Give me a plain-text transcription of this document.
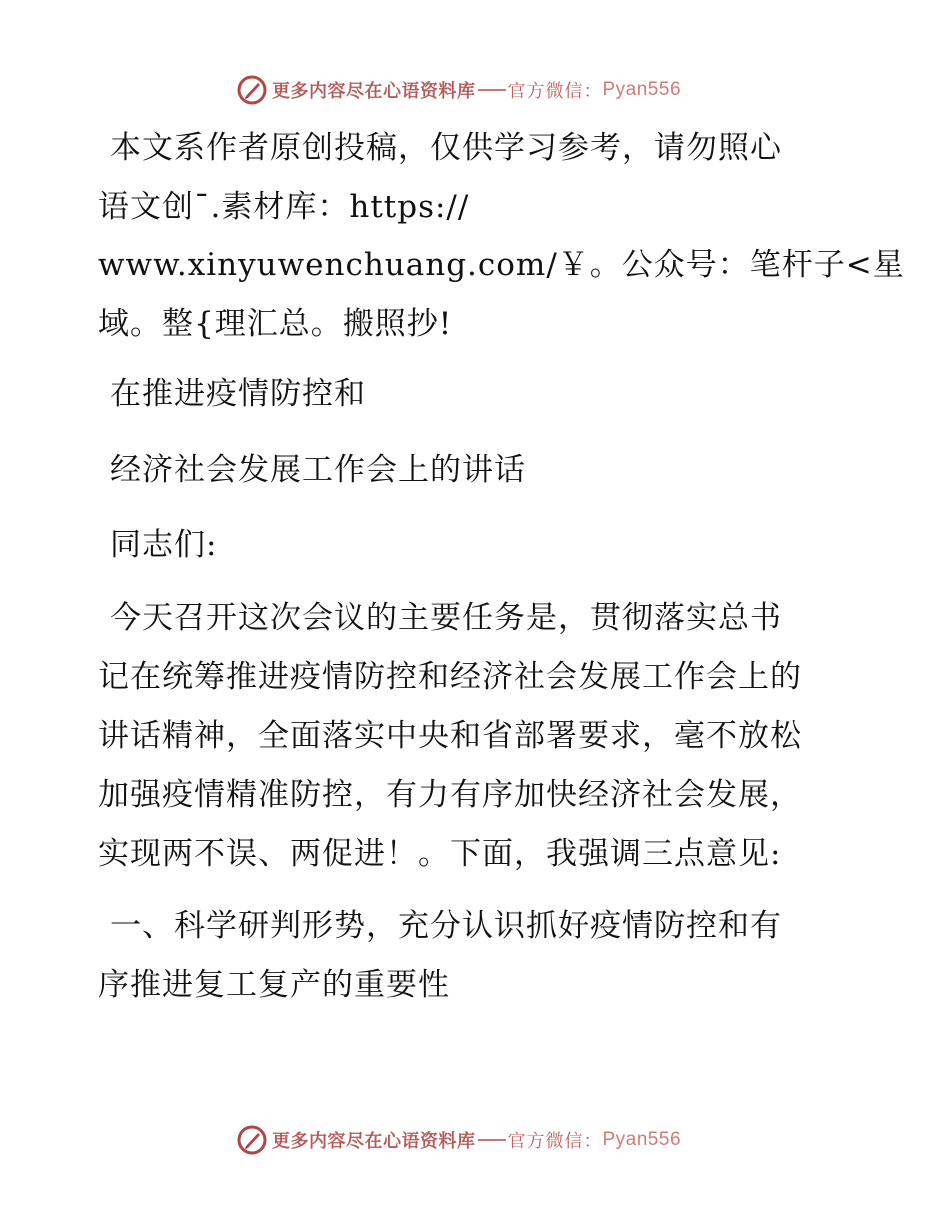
更多内容尽在心语资料库 官方微信： Pyan556
本文系作者原创投稿，仅供学习参考，请勿照心
语文创¯.素材库：https://
www.xinyuwenchuang.com/￥。公众号：笔杆子<星
域。整{理汇总。搬照抄!
在推进疫情防控和
经济社会发展工作会上的讲话
同志们:
今天召开这次会议的主要任务是，贯彻落实总书
记在统筹推进疫情防控和经济社会发展工作会上的
讲话精神，全面落实中央和省部署要求，毫不放松
加强疫情精准防控，有力有序加快经济社会发展，
实现两不误、两促进！。下面，我强调三点意见:
一、科学研判形势，充分认识抓好疫情防控和有
序推进复工复产的重要性
更多内容尽在心语资料库 官方微信： Pyan556
